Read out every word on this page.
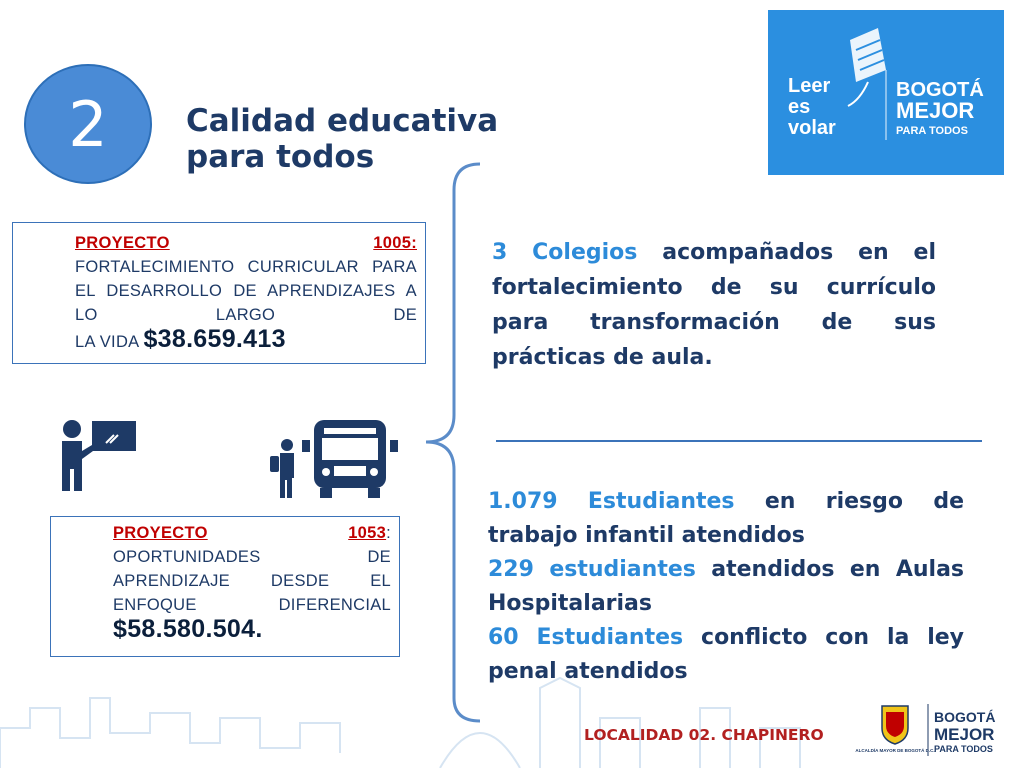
2	Calidad educativa para todos
Leer
es
volar
BOGOTÁ
MEJOR
PARA TODOS
PROYECTO	1005:
FORTALECIMIENTO CURRICULAR PARA EL DESARROLLO DE APRENDIZAJES A LO LARGO DE
LA VIDA $38.659.413
PROYECTO	1053:
OPORTUNIDADES DE APRENDIZAJE DESDE EL ENFOQUE DIFERENCIAL
$58.580.504.
3 Colegios acompañados en el fortalecimiento de su currículo para transformación de sus prácticas de aula.
1.079 Estudiantes en riesgo de trabajo infantil atendidos
229 estudiantes atendidos en Aulas Hospitalarias
60 Estudiantes conflicto con la ley penal atendidos
LOCALIDAD 02. CHAPINERO
ALCALDÍA MAYOR DE BOGOTÁ D.C.
BOGOTÁ
MEJOR
PARA TODOS
